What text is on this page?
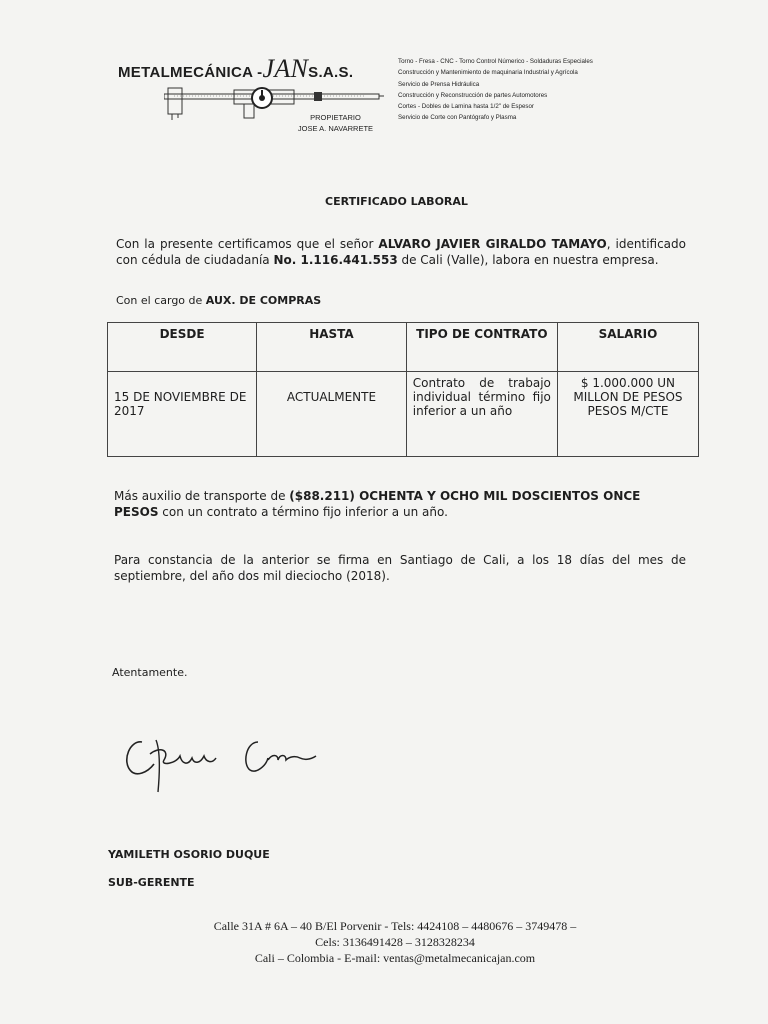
METALMECÁNICA -JANS.A.S.
PROPIETARIO
JOSE A. NAVARRETE
Torno - Fresa - CNC - Torno Control Númerico - Soldaduras Especiales
Construcción y Mantenimiento de maquinaria Industrial y Agrícola
Servicio de Prensa Hidráulica
Construcción y Reconstrucción de partes Automotores
Cortes - Dobles de Lamina hasta 1/2" de Espesor
Servicio de Corte con Pantógrafo y Plasma
CERTIFICADO LABORAL
Con la presente certificamos que el señor ALVARO JAVIER GIRALDO TAMAYO, identificado con cédula de ciudadanía No. 1.116.441.553 de Cali (Valle), labora en nuestra empresa.
Con el cargo de AUX. DE COMPRAS
DESDE	HASTA	TIPO DE CONTRATO	SALARIO
15 DE NOVIEMBRE DE 2017	ACTUALMENTE	Contrato de trabajo individual término fijo inferior a un año	$ 1.000.000 UN MILLON DE PESOS PESOS M/CTE
Más auxilio de transporte de ($88.211) OCHENTA Y OCHO MIL DOSCIENTOS ONCE PESOS con un contrato a término fijo inferior a un año.
Para constancia de la anterior se firma en Santiago de Cali, a los 18 días del mes de septiembre, del año dos mil dieciocho (2018).
Atentamente.
YAMILETH OSORIO DUQUE
SUB-GERENTE
Calle 31A # 6A – 40 B/El Porvenir - Tels: 4424108 – 4480676 – 3749478 –
Cels: 3136491428 – 3128328234
Cali – Colombia - E-mail: ventas@metalmecanicajan.com
